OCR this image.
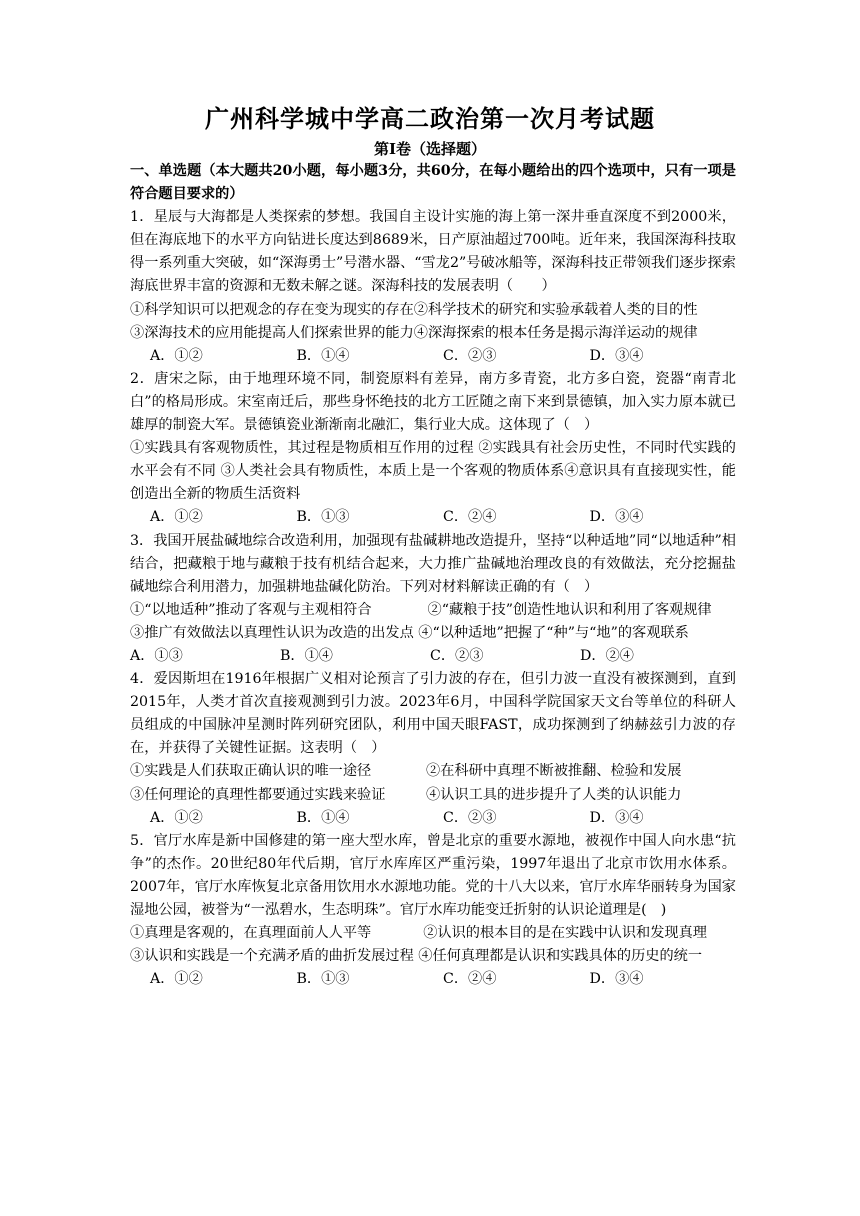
广州科学城中学高二政治第一次月考试题
第Ⅰ卷（选择题）

一、单选题（本大题共20小题，每小题3分，共60分，在每小题给出的四个选项中，只有一项是符合题目要求的）

1．星辰与大海都是人类探索的梦想。我国自主设计实施的海上第一深井垂直深度不到2000米，但在海底地下的水平方向钻进长度达到8689米，日产原油超过700吨。近年来，我国深海科技取得一系列重大突破，如“深海勇士”号潜水器、“雪龙2”号破冰船等，深海科技正带领我们逐步探索海底世界丰富的资源和无数未解之谜。深海科技的发展表明（　　）

①科学知识可以把观念的存在变为现实的存在②科学技术的研究和实验承载着人类的目的性

③深海技术的应用能提高人们探索世界的能力④深海探索的根本任务是揭示海洋运动的规律

A．①②	B．①④	C．②③	D．③④

2．唐宋之际，由于地理环境不同，制瓷原料有差异，南方多青瓷，北方多白瓷，瓷器“南青北白”的格局形成。宋室南迁后，那些身怀绝技的北方工匠随之南下来到景德镇，加入实力原本就已雄厚的制瓷大军。景德镇瓷业渐渐南北融汇，集行业大成。这体现了（　）

①实践具有客观物质性，其过程是物质相互作用的过程 ②实践具有社会历史性，不同时代实践的水平会有不同 ③人类社会具有物质性，本质上是一个客观的物质体系④意识具有直接现实性，能创造出全新的物质生活资料

A．①②	B．①③	C．②④	D．③④

3．我国开展盐碱地综合改造利用，加强现有盐碱耕地改造提升，坚持“以种适地”同“以地适种”相结合，把藏粮于地与藏粮于技有机结合起来，大力推广盐碱地治理改良的有效做法，充分挖掘盐碱地综合利用潜力，加强耕地盐碱化防治。下列对材料解读正确的有（　）

①“以地适种”推动了客观与主观相符合	②“藏粮于技”创造性地认识和利用了客观规律

③推广有效做法以真理性认识为改造的出发点 ④“以种适地”把握了“种”与“地”的客观联系

A．①③	B．①④	C．②③	D．②④

4．爱因斯坦在1916年根据广义相对论预言了引力波的存在，但引力波一直没有被探测到，直到2015年，人类才首次直接观测到引力波。2023年6月，中国科学院国家天文台等单位的科研人员组成的中国脉冲星测时阵列研究团队，利用中国天眼FAST，成功探测到了纳赫兹引力波的存在，并获得了关键性证据。这表明（　）

①实践是人们获取正确认识的唯一途径	②在科研中真理不断被推翻、检验和发展
③任何理论的真理性都要通过实践来验证	④认识工具的进步提升了人类的认识能力
A．①②	B．①④	C．②③	D．③④

5．官厅水库是新中国修建的第一座大型水库，曾是北京的重要水源地，被视作中国人向水患“抗争”的杰作。20世纪80年代后期，官厅水库库区严重污染，1997年退出了北京市饮用水体系。2007年，官厅水库恢复北京备用饮用水水源地功能。党的十八大以来，官厅水库华丽转身为国家湿地公园，被誉为“一泓碧水，生态明珠”。官厅水库功能变迁折射的认识论道理是(　)

①真理是客观的，在真理面前人人平等	②认识的根本目的是在实践中认识和发现真理

③认识和实践是一个充满矛盾的曲折发展过程 ④任何真理都是认识和实践具体的历史的统一

A．①②	B．①③	C．②④	D．③④
